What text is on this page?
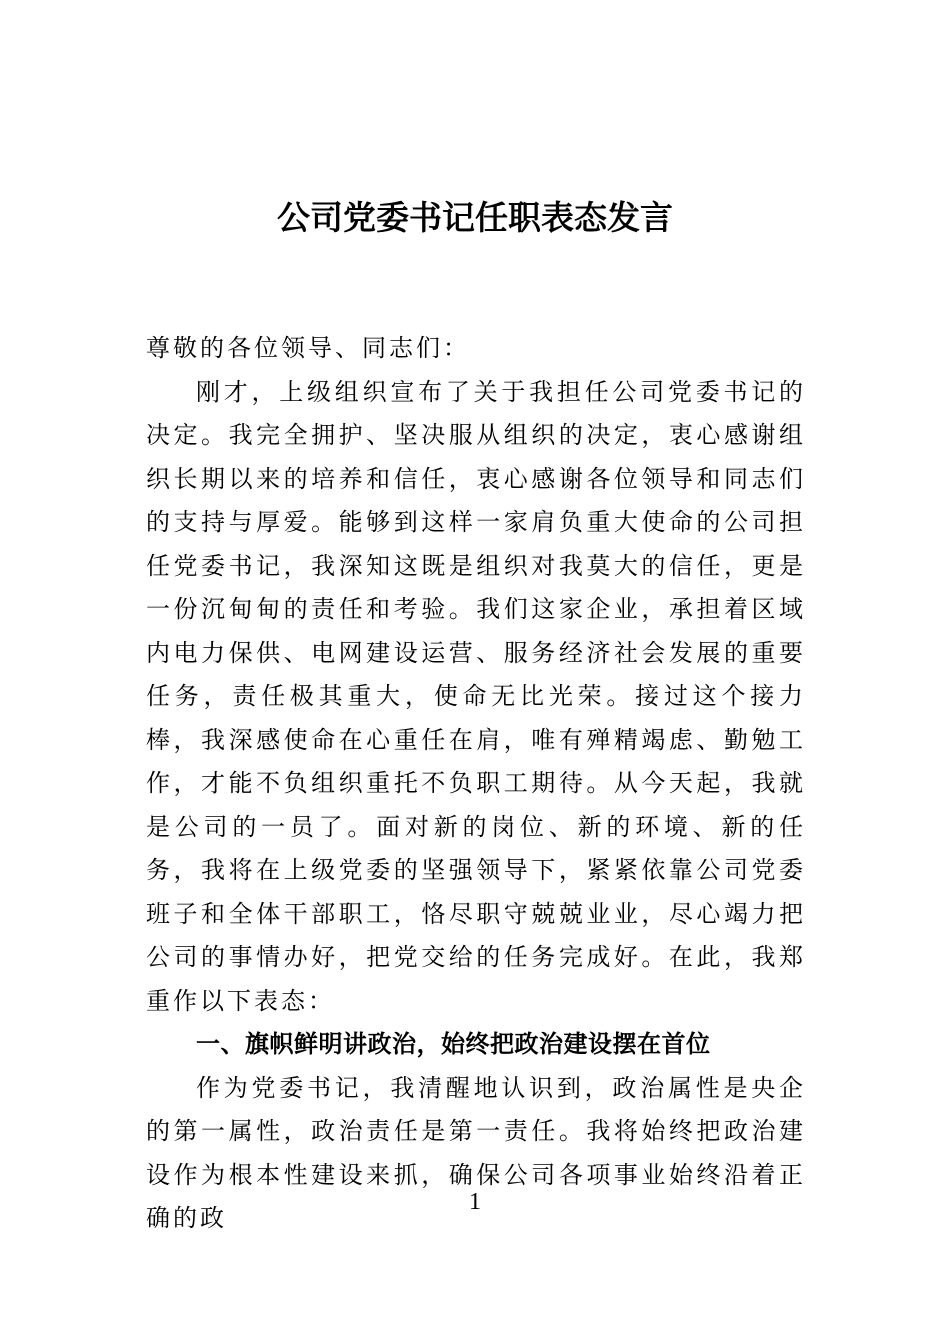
公司党委书记任职表态发言

尊敬的各位领导、同志们：

刚才，上级组织宣布了关于我担任公司党委书记的决定。我完全拥护、坚决服从组织的决定，衷心感谢组织长期以来的培养和信任，衷心感谢各位领导和同志们的支持与厚爱。能够到这样一家肩负重大使命的公司担任党委书记，我深知这既是组织对我莫大的信任，更是一份沉甸甸的责任和考验。我们这家企业，承担着区域内电力保供、电网建设运营、服务经济社会发展的重要任务，责任极其重大，使命无比光荣。接过这个接力棒，我深感使命在心重任在肩，唯有殚精竭虑、勤勉工作，才能不负组织重托不负职工期待。从今天起，我就是公司的一员了。面对新的岗位、新的环境、新的任务，我将在上级党委的坚强领导下，紧紧依靠公司党委班子和全体干部职工，恪尽职守兢兢业业，尽心竭力把公司的事情办好，把党交给的任务完成好。在此，我郑重作以下表态：

一、旗帜鲜明讲政治，始终把政治建设摆在首位

作为党委书记，我清醒地认识到，政治属性是央企的第一属性，政治责任是第一责任。我将始终把政治建设作为根本性建设来抓，确保公司各项事业始终沿着正确的政

1
